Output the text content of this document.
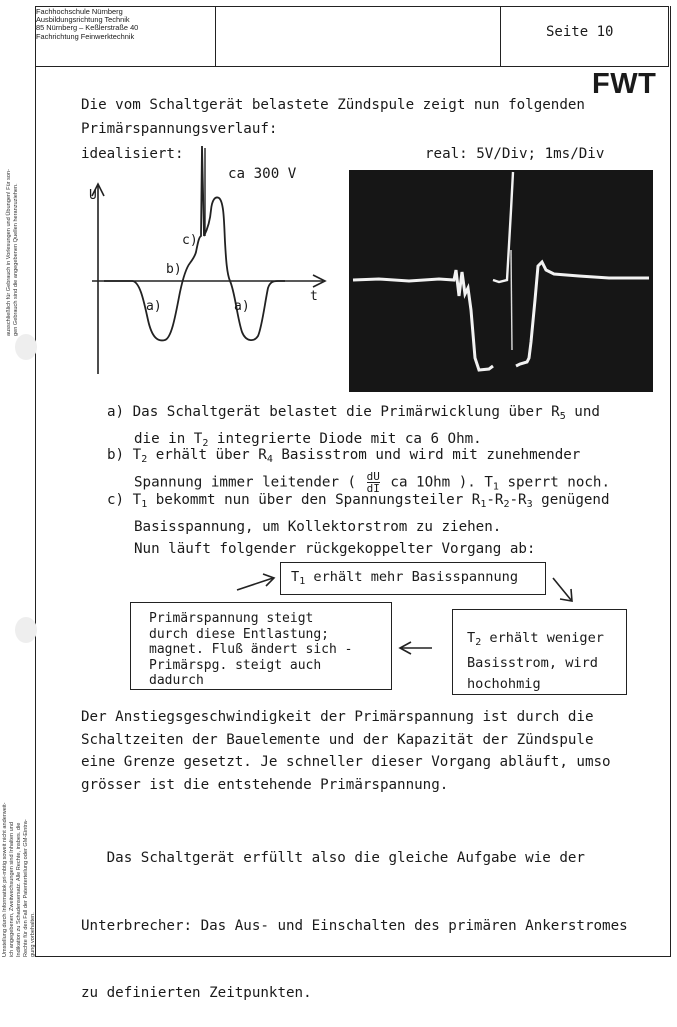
Fachhochschule Nürnberg
Ausbildungsrichtung Technik
85 Nürnberg – Keßlerstraße 40
Fachrichtung Feinwerktechnik	Seite 10
FWT
ausschließlich für Gebrauch in Vorlesungen und Übungen! Für son- gen Gebrauch sind die angegebenen Quellen heranzuziehen.
Umstellung durch Informatiok pri-mbtig soweit nicht anderweit- ich angegebenen, Zweitwechsungen sind Inhalten und Indikation zu Schadensersatz. Alle Rechte, insbes. die Rechte für den Fall der Patenterteilung oder GM-Eintra- gung vorbehalten.
Die vom Schaltgerät belastete Zündspule zeigt nun folgenden
Primärspannungsverlauf:
idealisiert:	real: 5V/Div; 1ms/Div
U
t
ca 300 V
a)	a)
b)
c)
a) Das Schaltgerät belastet die Primärwicklung über $R_5$ und
die in $T_2$ integrierte Diode mit ca 6 Ohm.
b) $T_2$ erhält über $R_4$ Basisstrom und wird mit zunehmender
Spannung immer leitender ( $\frac{dU}{dI}$ ca 1Ohm ). $T_1$ sperrt noch.
c) $T_1$ bekommt nun über den Spannungsteiler $R_1-R_2-R_3$ genügend
Basisspannung, um Kollektorstrom zu ziehen.
Nun läuft folgender rückgekoppelter Vorgang ab:
$T_1$ erhält mehr Basisspannung
$T_2$ erhält weniger
Basisstrom, wird
hochohmig
Primärspannung steigt
durch diese Entlastung;
magnet. Fluß ändert sich -
Primärspg. steigt auch
dadurch
Der Anstiegsgeschwindigkeit der Primärspannung ist durch die
Schaltzeiten der Bauelemente und der Kapazität der Zündspule
eine Grenze gesetzt. Je schneller dieser Vorgang abläuft, umso
grösser ist die entstehende Primärspannung.

Das Schaltgerät erfüllt also die gleiche Aufgabe wie der

Unterbrecher: Das Aus- und Einschalten des primären Ankerstromes

zu definierten Zeitpunkten.
